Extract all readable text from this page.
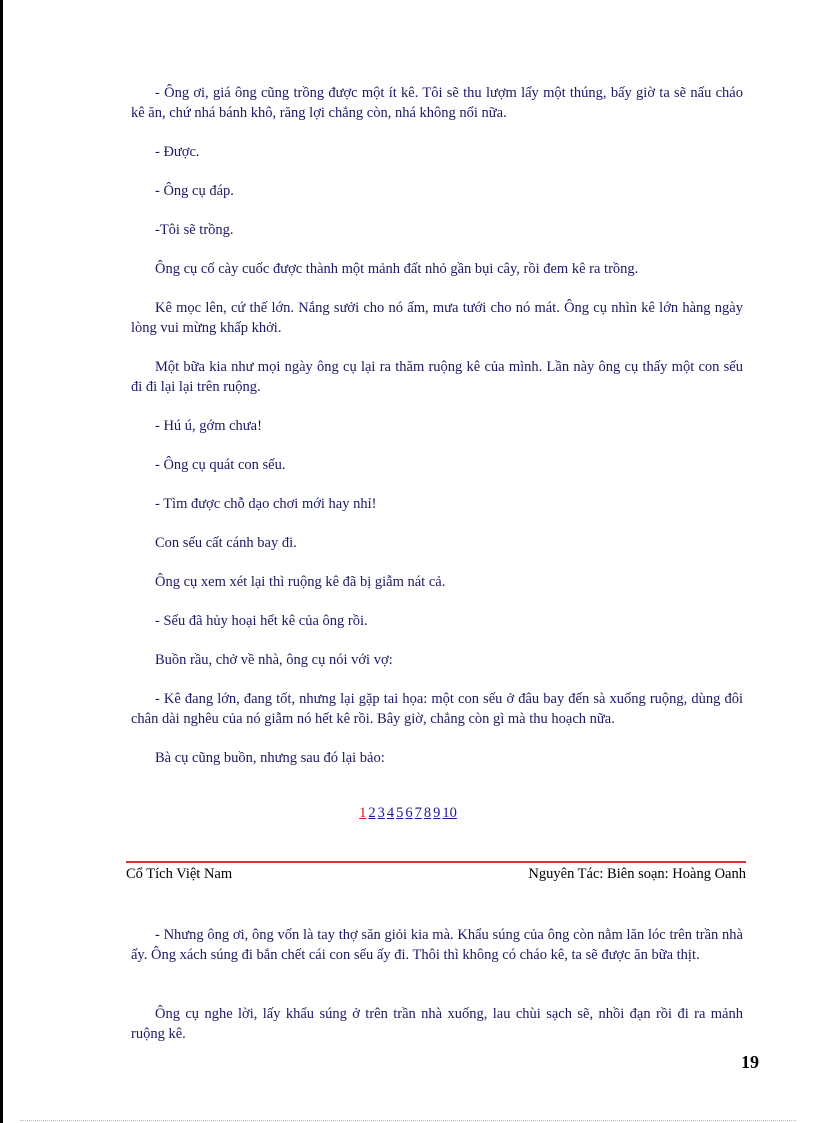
- Ông ơi, giá ông cũng trồng được một ít kê. Tôi sẽ thu lượm lấy một thúng, bấy giờ ta sẽ nấu cháo kê ăn, chứ nhá bánh khô, răng lợi chẳng còn, nhá không nổi nữa.

- Được.

- Ông cụ đáp.

-Tôi sẽ trồng.

Ông cụ cố cày cuốc được thành một mảnh đất nhỏ gần bụi cây, rồi đem kê ra trồng.

Kê mọc lên, cứ thế lớn. Nắng sưởi cho nó ấm, mưa tưới cho nó mát. Ông cụ nhìn kê lớn hàng ngày lòng vui mừng khấp khởi.

Một bữa kia như mọi ngày ông cụ lại ra thăm ruộng kê của mình. Lần này ông cụ thấy một con sếu đi đi lại lại trên ruộng.

- Hú ú, gớm chưa!

- Ông cụ quát con sếu.

- Tìm được chỗ dạo chơi mới hay nhỉ!

Con sếu cất cánh bay đi.

Ông cụ xem xét lại thì ruộng kê đã bị giẫm nát cả.

- Sếu đã hủy hoại hết kê của ông rồi.

Buồn rầu, chở về nhà, ông cụ nói với vợ:

- Kê đang lớn, đang tốt, nhưng lại gặp tai họa: một con sếu ở đâu bay đến sà xuống ruộng, dùng đôi chân dài nghêu của nó giẫm nó hết kê rồi. Bây giờ, chẳng còn gì mà thu hoạch nữa.

Bà cụ cũng buồn, nhưng sau đó lại bảo:

1 2 3 4 5 6 7 8 9 10
Cổ Tích Việt Nam	Nguyên Tác: Biên soạn: Hoàng Oanh

- Nhưng ông ơi, ông vốn là tay thợ săn giỏi kia mà. Khẩu súng của ông còn nằm lăn lóc trên trần nhà ấy. Ông xách súng đi bắn chết cái con sếu ấy đi. Thôi thì không có cháo kê, ta sẽ được ăn bữa thịt.

Ông cụ nghe lời, lấy khẩu súng ở trên trần nhà xuống, lau chùi sạch sẽ, nhồi đạn rồi đi ra mảnh ruộng kê.

19
